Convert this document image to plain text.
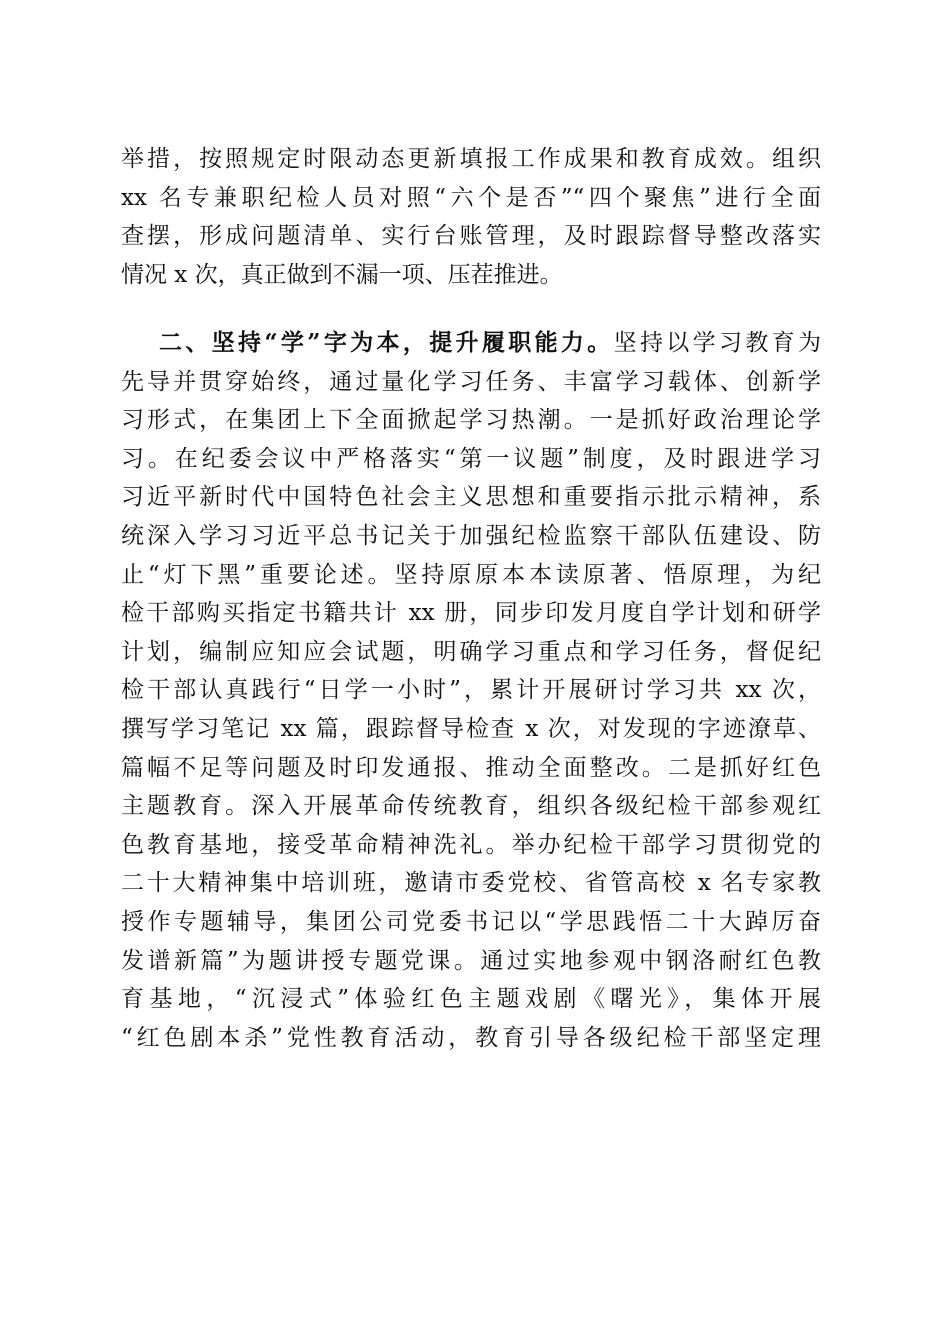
举措，按照规定时限动态更新填报工作成果和教育成效。组织
xx 名专兼职纪检人员对照“六个是否”“四个聚焦”进行全面
查摆，形成问题清单、实行台账管理，及时跟踪督导整改落实
情况 x 次，真正做到不漏一项、压茬推进。
二、坚持“学”字为本，提升履职能力。坚持以学习教育为
先导并贯穿始终，通过量化学习任务、丰富学习载体、创新学
习形式，在集团上下全面掀起学习热潮。一是抓好政治理论学
习。在纪委会议中严格落实“第一议题”制度，及时跟进学习
习近平新时代中国特色社会主义思想和重要指示批示精神，系
统深入学习习近平总书记关于加强纪检监察干部队伍建设、防
止“灯下黑”重要论述。坚持原原本本读原著、悟原理，为纪
检干部购买指定书籍共计 xx 册，同步印发月度自学计划和研学
计划，编制应知应会试题，明确学习重点和学习任务，督促纪
检干部认真践行“日学一小时”，累计开展研讨学习共 xx 次，
撰写学习笔记 xx 篇，跟踪督导检查 x 次，对发现的字迹潦草、
篇幅不足等问题及时印发通报、推动全面整改。二是抓好红色
主题教育。深入开展革命传统教育，组织各级纪检干部参观红
色教育基地，接受革命精神洗礼。举办纪检干部学习贯彻党的
二十大精神集中培训班，邀请市委党校、省管高校 x 名专家教
授作专题辅导，集团公司党委书记以“学思践悟二十大踔厉奋
发谱新篇”为题讲授专题党课。通过实地参观中钢洛耐红色教
育基地，“沉浸式”体验红色主题戏剧《曙光》，集体开展
“红色剧本杀”党性教育活动，教育引导各级纪检干部坚定理
